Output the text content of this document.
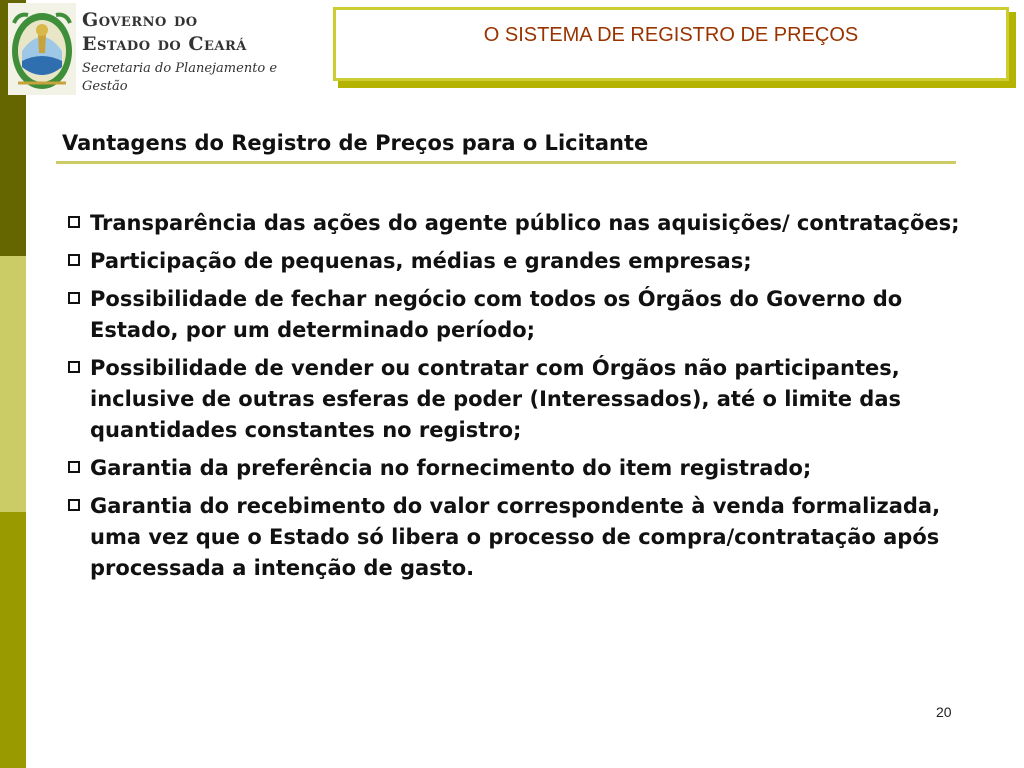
Governo do
Estado do Ceará
Secretaria do Planejamento e
Gestão
O SISTEMA DE REGISTRO DE PREÇOS
Vantagens do Registro de Preços para o Licitante
Transparência das ações do agente público nas aquisições/ contratações;
Participação de pequenas, médias e grandes empresas;
Possibilidade de fechar negócio com todos os Órgãos do Governo do Estado, por um determinado período;
Possibilidade de vender ou contratar com Órgãos não participantes, inclusive de outras esferas de poder (Interessados), até o limite das quantidades constantes no registro;
Garantia da preferência no fornecimento do item registrado;
Garantia do recebimento do valor correspondente à venda formalizada, uma vez que o Estado só libera o processo de compra/contratação após processada a intenção de gasto.
20
